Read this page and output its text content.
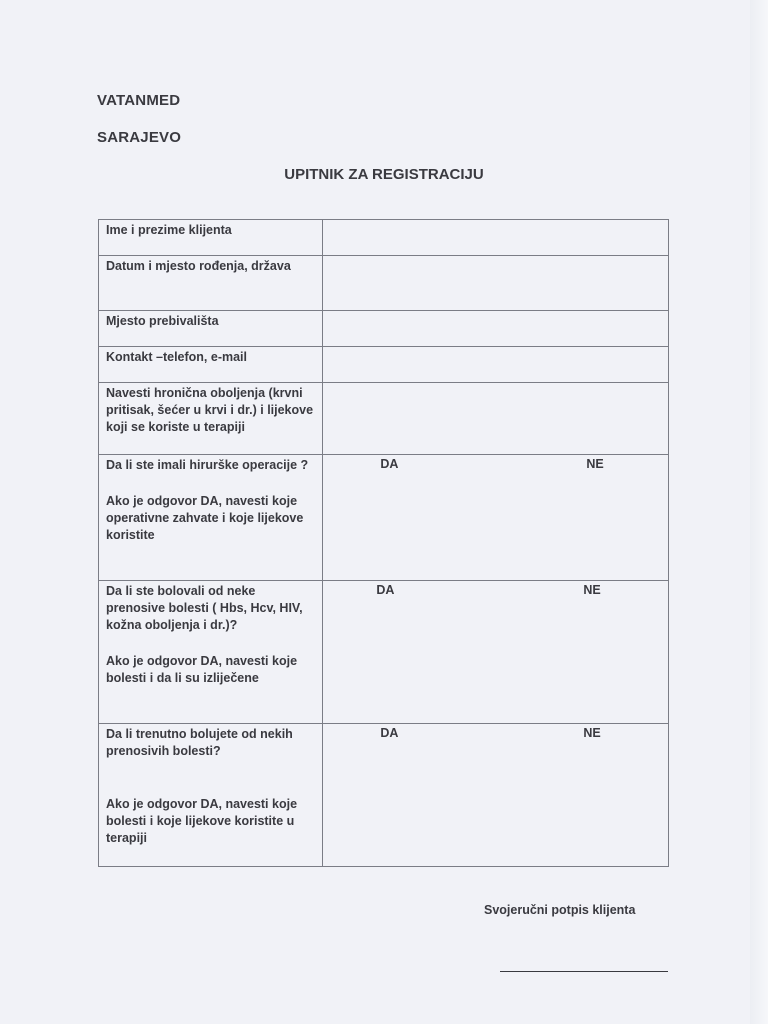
VATANMED
SARAJEVO
UPITNIK ZA REGISTRACIJU
Ime i prezime klijenta	

Datum i mjesto rođenja, država	

Mjesto prebivališta	

Kontakt –telefon, e-mail	

Navesti hronična oboljenja (krvni pritisak, šećer u krvi i dr.) i lijekove koji se koriste u terapiji	

Da li ste imali hirurške operacije ?
Ako je odgovor DA, navesti koje operativne zahvate i koje lijekove koristite	DA NE

Da li ste bolovali od neke prenosive bolesti ( Hbs, Hcv, HIV, kožna oboljenja i dr.)?
Ako je odgovor DA, navesti koje bolesti i da li su izliječene	DA NE

Da li trenutno bolujete od nekih prenosivih bolesti?
Ako je odgovor DA, navesti koje bolesti i koje lijekove koristite u terapiji	DA NE
Svojeručni potpis klijenta
